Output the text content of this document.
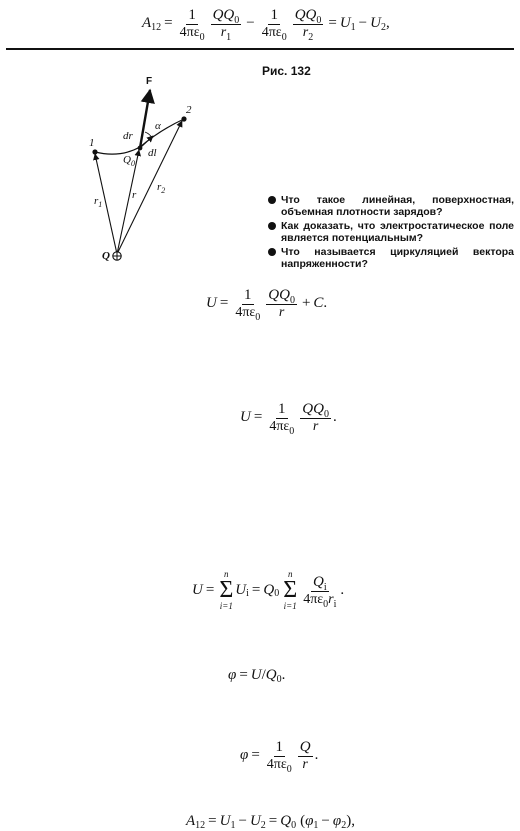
A $12 = \frac{1}{4\pi\varepsilon_0} \frac{QQ_0}{r_1} - \frac{1}{4\pi\varepsilon_0} \frac{QQ_0}{r_2} = U$ 1 − U 2 ,
Рис. 132
F
α
dr
dl
1
2
$Q_0$
$r_1$
r
$r_2$
Q
Что такое линейная, поверхностная, объемная плотности зарядов?
Как доказать, что электростатическое поле является потенциальным?
Что называется циркуляцией вектора напряженности?
$U = \frac{1}{4\pi\varepsilon_0} \frac{QQ_0}{r} + C$ .
$U = \frac{1}{4\pi\varepsilon_0} \frac{QQ_0}{r}$ .
U =
n
Σ
i=1
U i = Q 0
n
Σ
$i=1 \frac{Q_i}{4\pi\varepsilon_0r_i}$ .
φ = U / Q 0 .
$\varphi = \frac{1}{4\pi\varepsilon_0} \frac{Q}{r}$ .
A 12 = U 1 − U 2 = Q 0 ( φ 1 − φ 2 ) ,
